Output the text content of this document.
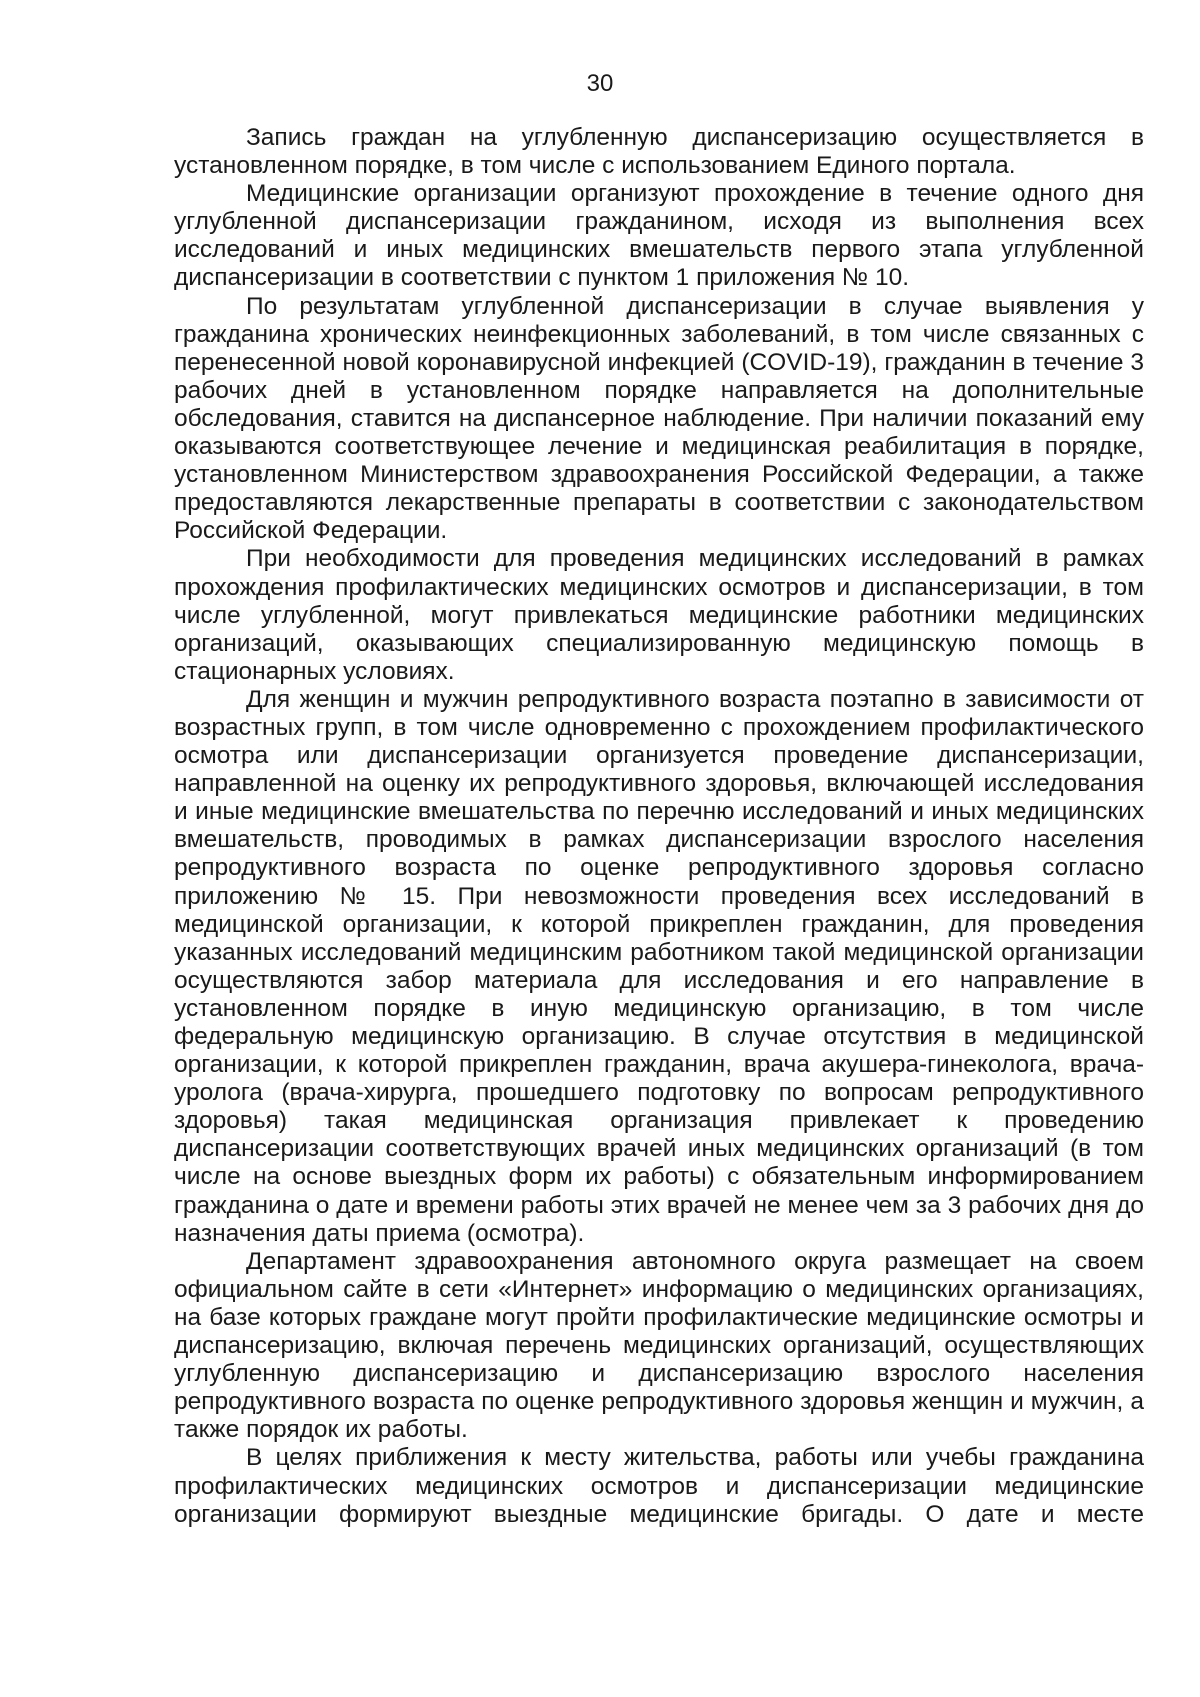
30

Запись граждан на углубленную диспансеризацию осуществляется в установленном порядке, в том числе с использованием Единого портала.

Медицинские организации организуют прохождение в течение одного дня углубленной диспансеризации гражданином, исходя из выполнения всех исследований и иных медицинских вмешательств первого этапа углубленной диспансеризации в соответствии с пунктом 1 приложения № 10.

По результатам углубленной диспансеризации в случае выявления у гражданина хронических неинфекционных заболеваний, в том числе связанных с перенесенной новой коронавирусной инфекцией (COVID-19), гражданин в течение 3 рабочих дней в установленном порядке направляется на дополнительные обследования, ставится на диспансерное наблюдение. При наличии показаний ему оказываются соответствующее лечение и медицинская реабилитация в порядке, установленном Министерством здравоохранения Российской Федерации, а также предоставляются лекарственные препараты в соответствии с законодательством Российской Федерации.

При необходимости для проведения медицинских исследований в рамках прохождения профилактических медицинских осмотров и диспансеризации, в том числе углубленной, могут привлекаться медицинские работники медицинских организаций, оказывающих специализированную медицинскую помощь в стационарных условиях.

Для женщин и мужчин репродуктивного возраста поэтапно в зависимости от возрастных групп, в том числе одновременно с прохождением профилактического осмотра или диспансеризации организуется проведение диспансеризации, направленной на оценку их репродуктивного здоровья, включающей исследования и иные медицинские вмешательства по перечню исследований и иных медицинских вмешательств, проводимых в рамках диспансеризации взрослого населения репродуктивного возраста по оценке репродуктивного здоровья согласно приложению № 15. При невозможности проведения всех исследований в медицинской организации, к которой прикреплен гражданин, для проведения указанных исследований медицинским работником такой медицинской организации осуществляются забор материала для исследования и его направление в установленном порядке в иную медицинскую организацию, в том числе федеральную медицинскую организацию. В случае отсутствия в медицинской организации, к которой прикреплен гражданин, врача акушера-гинеколога, врача-уролога (врача-хирурга, прошедшего подготовку по вопросам репродуктивного здоровья) такая медицинская организация привлекает к проведению диспансеризации соответствующих врачей иных медицинских организаций (в том числе на основе выездных форм их работы) с обязательным информированием гражданина о дате и времени работы этих врачей не менее чем за 3 рабочих дня до назначения даты приема (осмотра).

Департамент здравоохранения автономного округа размещает на своем официальном сайте в сети «Интернет» информацию о медицинских организациях, на базе которых граждане могут пройти профилактические медицинские осмотры и диспансеризацию, включая перечень медицинских организаций, осуществляющих углубленную диспансеризацию и диспансеризацию взрослого населения репродуктивного возраста по оценке репродуктивного здоровья женщин и мужчин, а также порядок их работы.

В целях приближения к месту жительства, работы или учебы гражданина профилактических медицинских осмотров и диспансеризации медицинские организации формируют выездные медицинские бригады. О дате и месте
